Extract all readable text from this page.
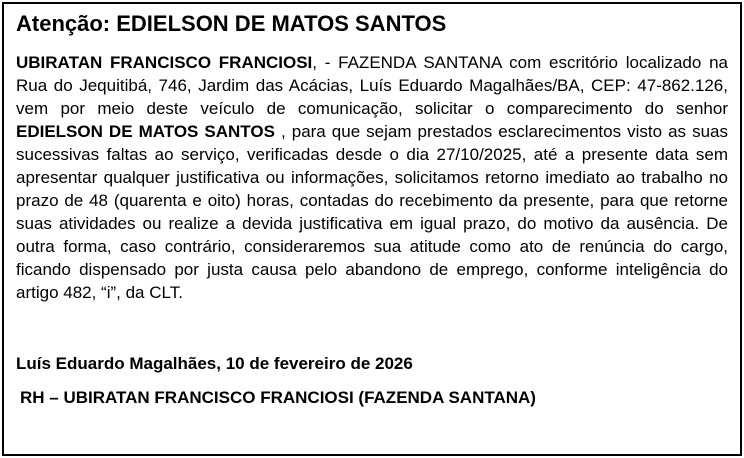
Atenção: EDIELSON DE MATOS SANTOS

UBIRATAN FRANCISCO FRANCIOSI, - FAZENDA SANTANA com escritório localizado na Rua do Jequitibá, 746, Jardim das Acácias, Luís Eduardo Magalhães/BA, CEP: 47-862.126, vem por meio deste veículo de comunicação, solicitar o comparecimento do senhor EDIELSON DE MATOS SANTOS , para que sejam prestados esclarecimentos visto as suas sucessivas faltas ao serviço, verificadas desde o dia 27/10/2025, até a presente data sem apresentar qualquer justificativa ou informações, solicitamos retorno imediato ao trabalho no prazo de 48 (quarenta e oito) horas, contadas do recebimento da presente, para que retorne suas atividades ou realize a devida justificativa em igual prazo, do motivo da ausência. De outra forma, caso contrário, consideraremos sua atitude como ato de renúncia do cargo, ficando dispensado por justa causa pelo abandono de emprego, conforme inteligência do artigo 482, “i”, da CLT.

Luís Eduardo Magalhães, 10 de fevereiro de 2026

RH – UBIRATAN FRANCISCO FRANCIOSI (FAZENDA SANTANA)
